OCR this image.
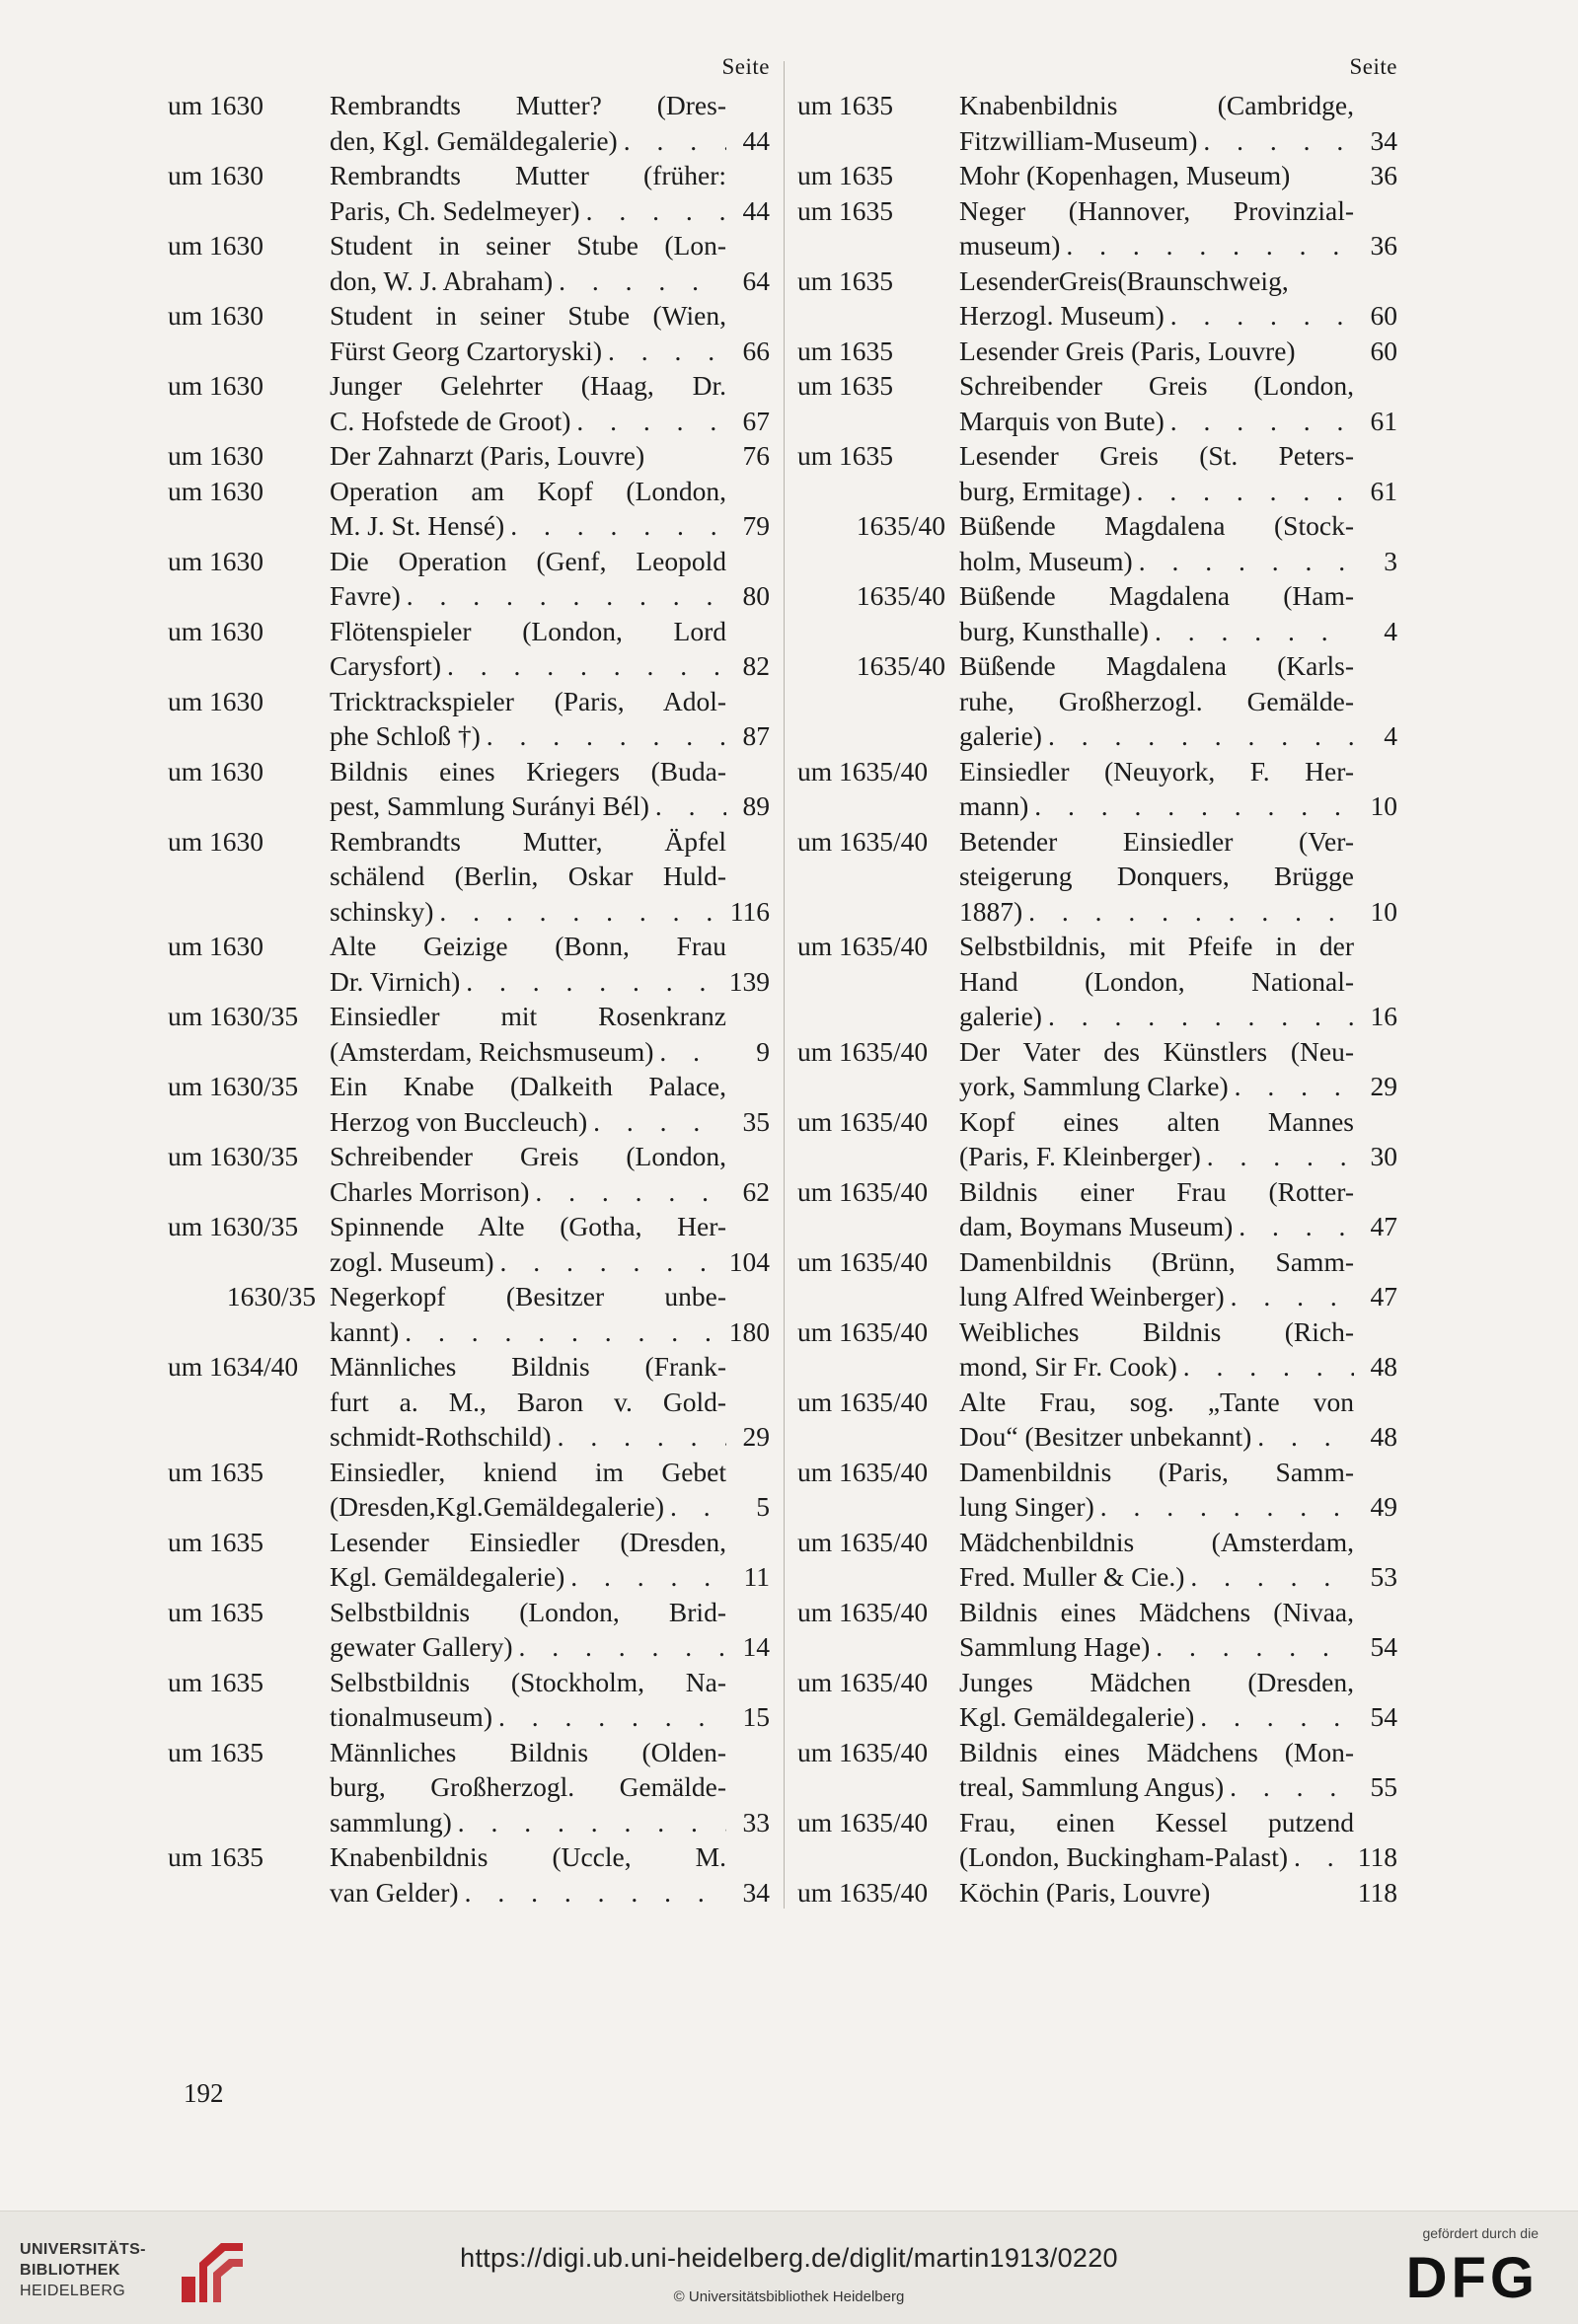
Seite
um 1630	Rembrandts Mutter? (Dres-
den, Kgl. Gemäldegalerie) . . .	44
um 1630	Rembrandts Mutter (früher:
Paris, Ch. Sedelmeyer) . . .	44
um 1630	Student in seiner Stube (Lon-
don, W. J. Abraham) . . .	64
um 1630	Student in seiner Stube (Wien,
Fürst Georg Czartoryski) . . .	66
um 1630	Junger Gelehrter (Haag, Dr.
C. Hofstede de Groot) . . .	67
um 1630	Der Zahnarzt (Paris, Louvre)	76
um 1630	Operation am Kopf (London,
M. J. St. Hensé) . . .	79
um 1630	Die Operation (Genf, Leopold
Favre) . . .	80
um 1630	Flötenspieler (London, Lord
Carysfort) . . .	82
um 1630	Tricktrackspieler (Paris, Adol-
phe Schloß †) . . .	87
um 1630	Bildnis eines Kriegers (Buda-
pest, Sammlung Surányi Bél) . . .	89
um 1630	Rembrandts Mutter, Äpfel
schälend (Berlin, Oskar Huld-
schinsky) . . .	116
um 1630	Alte Geizige (Bonn, Frau
Dr. Virnich) . . .	139
um 1630/35	Einsiedler mit Rosenkranz
(Amsterdam, Reichsmuseum) . . .	9
um 1630/35	Ein Knabe (Dalkeith Palace,
Herzog von Buccleuch) . . .	35
um 1630/35	Schreibender Greis (London,
Charles Morrison) . . .	62
um 1630/35	Spinnende Alte (Gotha, Her-
zogl. Museum) . . .	104
1630/35 Negerkopf (Besitzer unbe-
kannt) . . .	180
um 1634/40	Männliches Bildnis (Frank-
furt a. M., Baron v. Gold-
schmidt-Rothschild) . . .	29
um 1635	Einsiedler, kniend im Gebet
(Dresden,Kgl.Gemäldegalerie) . . .	5
um 1635	Lesender Einsiedler (Dresden,
Kgl. Gemäldegalerie) . . .	11
um 1635	Selbstbildnis (London, Brid-
gewater Gallery) . . .	14
um 1635	Selbstbildnis (Stockholm, Na-
tionalmuseum) . . .	15
um 1635	Männliches Bildnis (Olden-
burg, Großherzogl. Gemälde-
sammlung) . . .	33
um 1635	Knabenbildnis (Uccle, M.
van Gelder) . . .	34
Seite
um 1635	Knabenbildnis (Cambridge,
Fitzwilliam-Museum) . . .	34
um 1635	Mohr (Kopenhagen, Museum)	36
um 1635	Neger (Hannover, Provinzial-
museum) . . .	36
um 1635	LesenderGreis(Braunschweig,
Herzogl. Museum) . . .	60
um 1635	Lesender Greis (Paris, Louvre)	60
um 1635	Schreibender Greis (London,
Marquis von Bute) . . .	61
um 1635	Lesender Greis (St. Peters-
burg, Ermitage) . . .	61
1635/40 Büßende Magdalena (Stock-
holm, Museum) . . .	3
1635/40 Büßende Magdalena (Ham-
burg, Kunsthalle) . . .	4
1635/40 Büßende Magdalena (Karls-
ruhe, Großherzogl. Gemälde-
galerie) . . .	4
um 1635/40	Einsiedler (Neuyork, F. Her-
mann) . . .	10
um 1635/40	Betender Einsiedler (Ver-
steigerung Donquers, Brügge
1887) . . .	10
um 1635/40	Selbstbildnis, mit Pfeife in der
Hand (London, National-
galerie) . . .	16
um 1635/40	Der Vater des Künstlers (Neu-
york, Sammlung Clarke) . . .	29
um 1635/40	Kopf eines alten Mannes
(Paris, F. Kleinberger) . . .	30
um 1635/40	Bildnis einer Frau (Rotter-
dam, Boymans Museum) . . .	47
um 1635/40	Damenbildnis (Brünn, Samm-
lung Alfred Weinberger) . . .	47
um 1635/40	Weibliches Bildnis (Rich-
mond, Sir Fr. Cook) . . .	48
um 1635/40	Alte Frau, sog. „Tante von
Dou“ (Besitzer unbekannt) . . .	48
um 1635/40	Damenbildnis (Paris, Samm-
lung Singer) . . .	49
um 1635/40	Mädchenbildnis (Amsterdam,
Fred. Muller & Cie.) . . .	53
um 1635/40	Bildnis eines Mädchens (Nivaa,
Sammlung Hage) . . .	54
um 1635/40	Junges Mädchen (Dresden,
Kgl. Gemäldegalerie) . . .	54
um 1635/40	Bildnis eines Mädchens (Mon-
treal, Sammlung Angus) . . .	55
um 1635/40	Frau, einen Kessel putzend
(London, Buckingham-Palast) . . .	118
um 1635/40	Köchin (Paris, Louvre)	118
192
UNIVERSITÄTS-
BIBLIOTHEK
HEIDELBERG
https://digi.ub.uni-heidelberg.de/diglit/martin1913/0220
© Universitätsbibliothek Heidelberg
gefördert durch die
DFG
